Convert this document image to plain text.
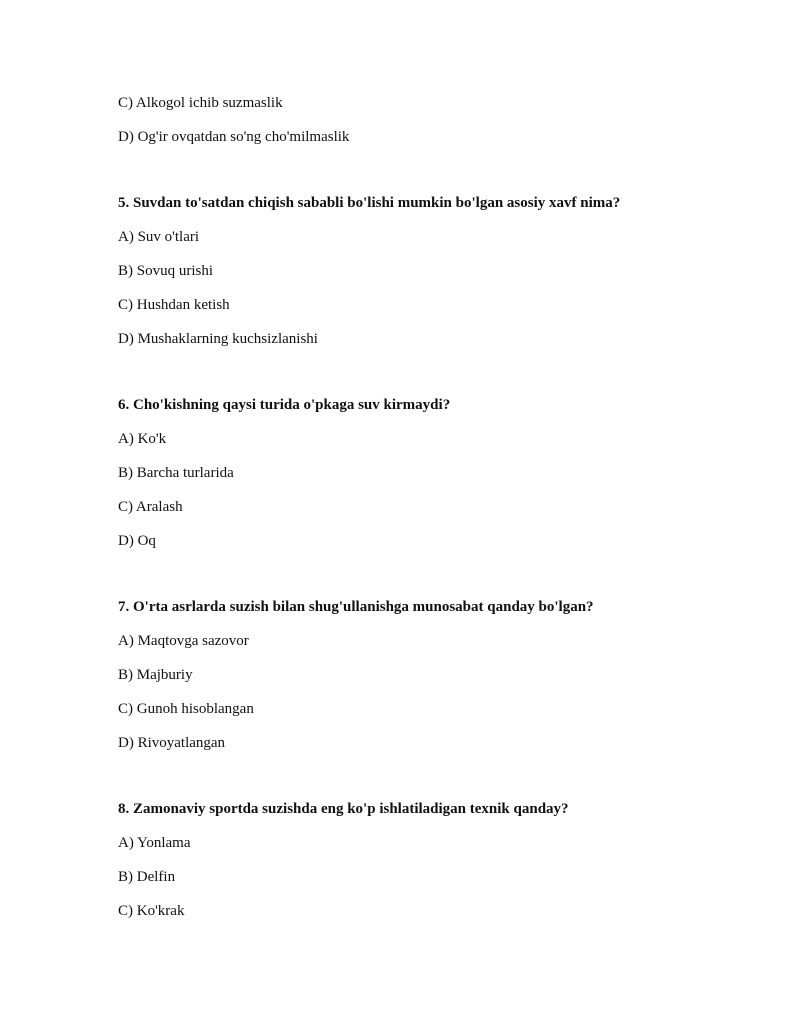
C) Alkogol ichib suzmaslik

D) Og'ir ovqatdan so'ng cho'milmaslik

5. Suvdan to'satdan chiqish sababli bo'lishi mumkin bo'lgan asosiy xavf nima?

A) Suv o'tlari

B) Sovuq urishi

C) Hushdan ketish

D) Mushaklarning kuchsizlanishi

6. Cho'kishning qaysi turida o'pkaga suv kirmaydi?

A) Ko'k

B) Barcha turlarida

C) Aralash

D) Oq

7. O'rta asrlarda suzish bilan shug'ullanishga munosabat qanday bo'lgan?

A) Maqtovga sazovor

B) Majburiy

C) Gunoh hisoblangan

D) Rivoyatlangan

8. Zamonaviy sportda suzishda eng ko'p ishlatiladigan texnik qanday?

A) Yonlama

B) Delfin

C) Ko'krak
